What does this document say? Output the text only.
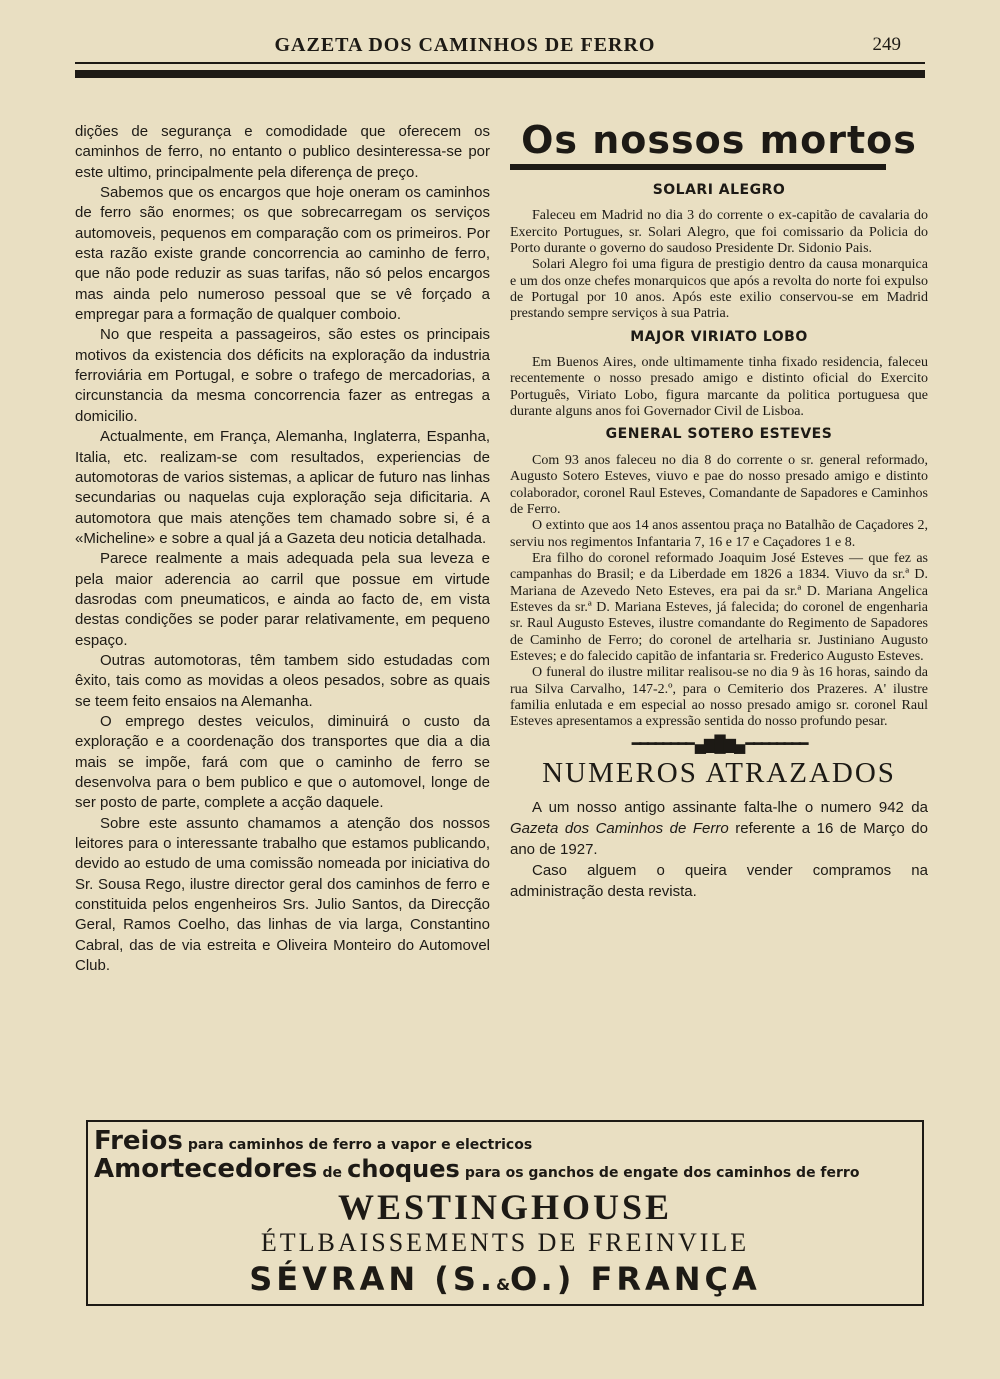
GAZETA DOS CAMINHOS DE FERRO	249

dições de segurança e comodidade que oferecem os caminhos de ferro, no entanto o publico desinteressa-se por este ultimo, principalmente pela diferença de preço.

Sabemos que os encargos que hoje oneram os caminhos de ferro são enormes; os que sobrecarregam os serviços automoveis, pequenos em comparação com os primeiros. Por esta razão existe grande concorrencia ao caminho de ferro, que não pode reduzir as suas tarifas, não só pelos encargos mas ainda pelo numeroso pessoal que se vê forçado a empregar para a formação de qualquer comboio.

No que respeita a passageiros, são estes os principais motivos da existencia dos déficits na exploração da industria ferroviária em Portugal, e sobre o trafego de mercadorias, a circunstancia da mesma concorrencia fazer as entregas a domicilio.

Actualmente, em França, Alemanha, Inglaterra, Espanha, Italia, etc. realizam-se com resultados, experiencias de automotoras de varios sistemas, a aplicar de futuro nas linhas secundarias ou naquelas cuja exploração seja dificitaria. A automotora que mais atenções tem chamado sobre si, é a «Micheline» e sobre a qual já a Gazeta deu noticia detalhada.

Parece realmente a mais adequada pela sua leveza e pela maior aderencia ao carril que possue em virtude dasrodas com pneumaticos, e ainda ao facto de, em vista destas condições se poder parar relativamente, em pequeno espaço.

Outras automotoras, têm tambem sido estudadas com êxito, tais como as movidas a oleos pesados, sobre as quais se teem feito ensaios na Alemanha.

O emprego destes veiculos, diminuirá o custo da exploração e a coordenação dos transportes que dia a dia mais se impõe, fará com que o caminho de ferro se desenvolva para o bem publico e que o automovel, longe de ser posto de parte, complete a acção daquele.

Sobre este assunto chamamos a atenção dos nossos leitores para o interessante trabalho que estamos publicando, devido ao estudo de uma comissão nomeada por iniciativa do Sr. Sousa Rego, ilustre director geral dos caminhos de ferro e constituida pelos engenheiros Srs. Julio Santos, da Direcção Geral, Ramos Coelho, das linhas de via larga, Constantino Cabral, das de via estreita e Oliveira Monteiro do Automovel Club.

Os nossos mortos
SOLARI ALEGRO

Faleceu em Madrid no dia 3 do corrente o ex-capitão de cavalaria do Exercito Portugues, sr. Solari Alegro, que foi comissario da Policia do Porto durante o governo do saudoso Presidente Dr. Sidonio Pais.

Solari Alegro foi uma figura de prestigio dentro da causa monarquica e um dos onze chefes monarquicos que após a revolta do norte foi expulso de Portugal por 10 anos. Após este exilio conservou-se em Madrid prestando sempre serviços à sua Patria.

MAJOR VIRIATO LOBO

Em Buenos Aires, onde ultimamente tinha fixado residencia, faleceu recentemente o nosso presado amigo e distinto oficial do Exercito Português, Viriato Lobo, figura marcante da politica portuguesa que durante alguns anos foi Governador Civil de Lisboa.

GENERAL SOTERO ESTEVES

Com 93 anos faleceu no dia 8 do corrente o sr. general reformado, Augusto Sotero Esteves, viuvo e pae do nosso presado amigo e distinto colaborador, coronel Raul Esteves, Comandante de Sapadores e Caminhos de Ferro.

O extinto que aos 14 anos assentou praça no Batalhão de Caçadores 2, serviu nos regimentos Infantaria 7, 16 e 17 e Caçadores 1 e 8.

Era filho do coronel reformado Joaquim José Esteves — que fez as campanhas do Brasil; e da Liberdade em 1826 a 1834. Viuvo da sr.ª D. Mariana de Azevedo Neto Esteves, era pai da sr.ª D. Mariana Angelica Esteves da sr.ª D. Mariana Esteves, já falecida; do coronel de engenharia sr. Raul Augusto Esteves, ilustre comandante do Regimento de Sapadores de Caminho de Ferro; do coronel de artelharia sr. Justiniano Augusto Esteves; e do falecido capitão de infantaria sr. Frederico Augusto Esteves.

O funeral do ilustre militar realisou-se no dia 9 às 16 horas, saindo da rua Silva Carvalho, 147-2.º, para o Cemiterio dos Prazeres. A' ilustre familia enlutada e em especial ao nosso presado amigo sr. coronel Raul Esteves apresentamos a expressão sentida do nosso profundo pesar.

━━━━━━━━ ▄▆█▆▄ ━━━━━━━━
NUMEROS ATRAZADOS

A um nosso antigo assinante falta-lhe o numero 942 da Gazeta dos Caminhos de Ferro referente a 16 de Março do ano de 1927.

Caso alguem o queira vender compramos na administração desta revista.

Freios para caminhos de ferro a vapor e electricos
Amortecedores de choques para os ganchos de engate dos caminhos de ferro
WESTINGHOUSE
ÉTLBAISSEMENTS DE FREINVILE
SÉVRAN (S.&O.) FRANÇA
